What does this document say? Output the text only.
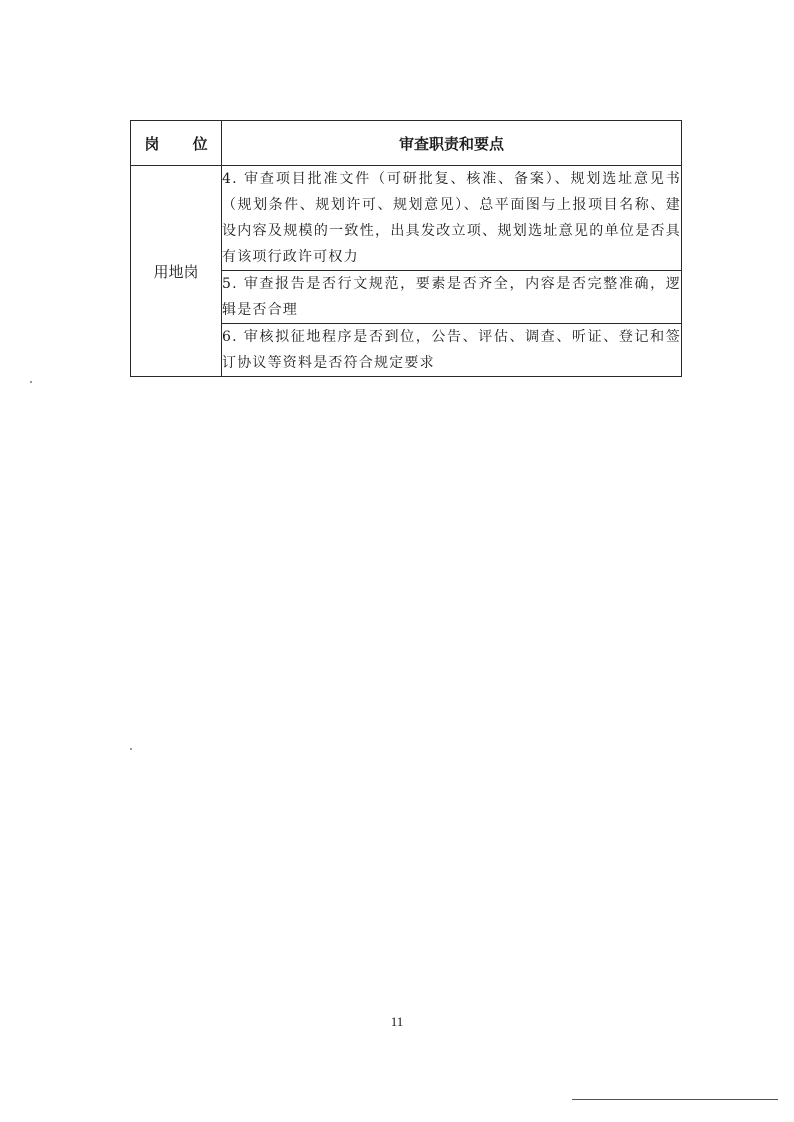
岗 位	审查职责和要点
用地岗	4. 审查项目批准文件（可研批复、核准、备案）、规划选址意见书（规划条件、规划许可、规划意见）、总平面图与上报项目名称、建设内容及规模的一致性，出具发改立项、规划选址意见的单位是否具有该项行政许可权力
	5. 审查报告是否行文规范，要素是否齐全，内容是否完整准确，逻辑是否合理
	6. 审核拟征地程序是否到位，公告、评估、调查、听证、登记和签订协议等资料是否符合规定要求
11
